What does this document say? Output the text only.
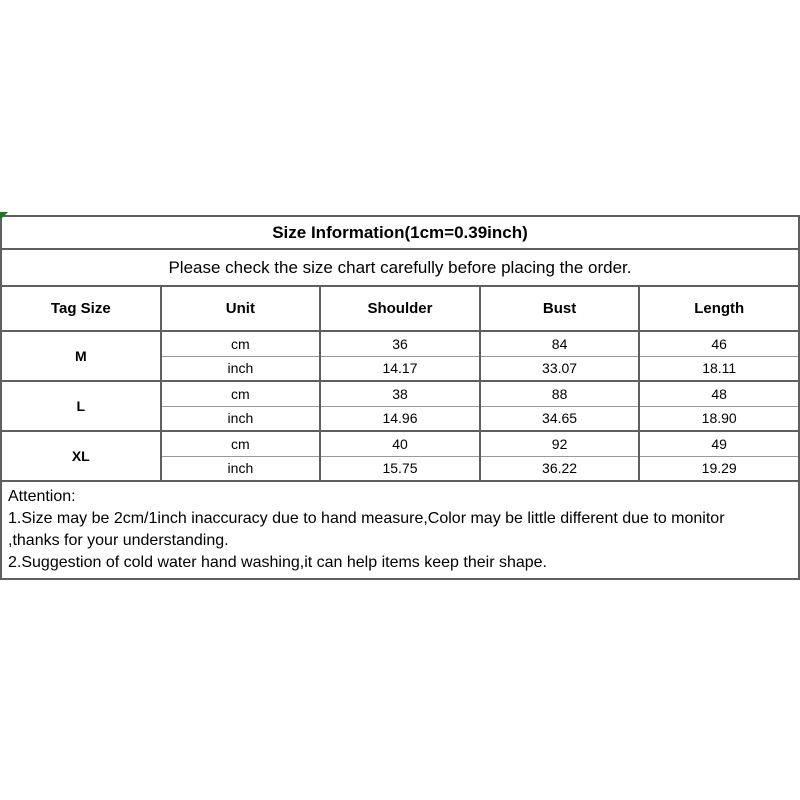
Size Information(1cm=0.39inch)				
Please check the size chart carefully before placing the order.				
Tag Size	Unit	Shoulder	Bust	Length
M	cm	36	84	46
	inch	14.17	33.07	18.11
L	cm	38	88	48
	inch	14.96	34.65	18.90
XL	cm	40	92	49
	inch	15.75	36.22	19.29

Attention:
1.Size may be 2cm/1inch inaccuracy due to hand measure,Color may be little different due to monitor
,thanks for your understanding.
2.Suggestion of cold water hand washing,it can help items keep their shape.				
